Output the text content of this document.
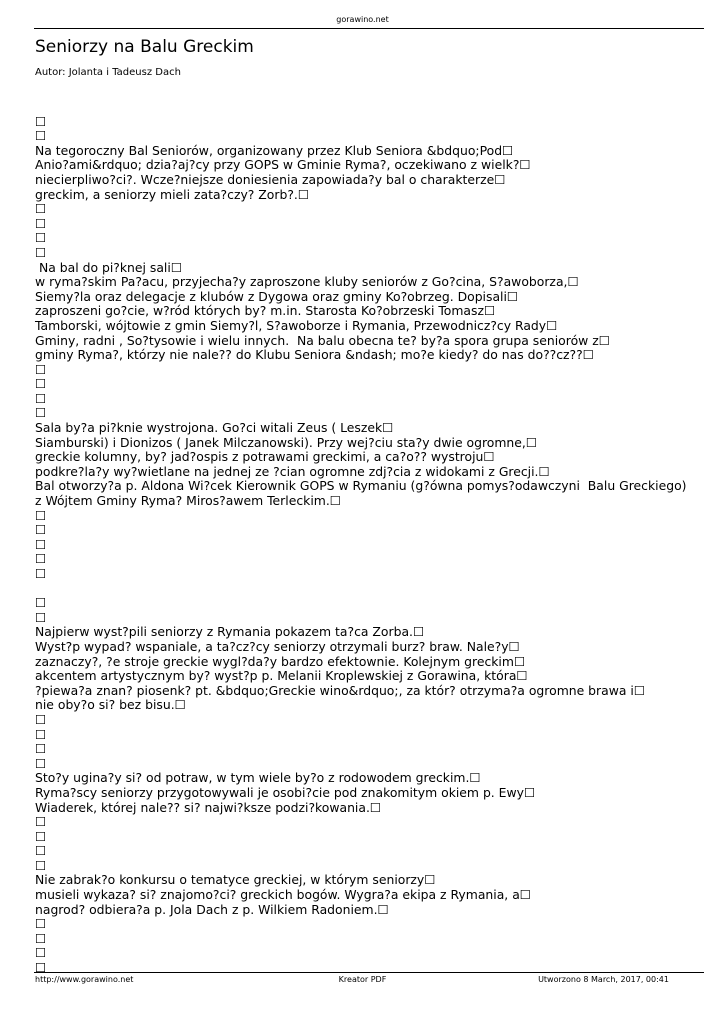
gorawino.net
Seniorzy na Balu Greckim
Autor: Jolanta i Tadeusz Dach
☐
☐
Na tegoroczny Bal Seniorów, organizowany przez Klub Seniora &bdquo;Pod☐
Anio?ami&rdquo; dzia?aj?cy przy GOPS w Gminie Ryma?, oczekiwano z wielk?☐
niecierpliwo?ci?. Wcze?niejsze doniesienia zapowiada?y bal o charakterze☐
greckim, a seniorzy mieli zata?czy? Zorb?.☐
☐
☐
☐
☐
Na bal do pi?knej sali☐
w ryma?skim Pa?acu, przyjecha?y zaproszone kluby seniorów z Go?cina, S?awoborza,☐
Siemy?la oraz delegacje z klubów z Dygowa oraz gminy Ko?obrzeg. Dopisali☐
zaproszeni go?cie, w?ród których by? m.in. Starosta Ko?obrzeski Tomasz☐
Tamborski, wójtowie z gmin Siemy?l, S?awoborze i Rymania, Przewodnicz?cy Rady☐
Gminy, radni , So?tysowie i wielu innych.  Na balu obecna te? by?a spora grupa seniorów z☐
gminy Ryma?, którzy nie nale?? do Klubu Seniora &ndash; mo?e kiedy? do nas do??cz??☐
☐
☐
☐
☐
Sala by?a pi?knie wystrojona. Go?ci witali Zeus ( Leszek☐
Siamburski) i Dionizos ( Janek Milczanowski). Przy wej?ciu sta?y dwie ogromne,☐
greckie kolumny, by? jad?ospis z potrawami greckimi, a ca?o?? wystroju☐
podkre?la?y wy?wietlane na jednej ze ?cian ogromne zdj?cia z widokami z Grecji.☐
Bal otworzy?a p. Aldona Wi?cek Kierownik GOPS w Rymaniu (g?ówna pomys?odawczyni  Balu Greckiego)
z Wójtem Gminy Ryma? Miros?awem Terleckim.☐
☐
☐
☐
☐
☐
☐
☐
Najpierw wyst?pili seniorzy z Rymania pokazem ta?ca Zorba.☐
Wyst?p wypad? wspaniale, a ta?cz?cy seniorzy otrzymali burz? braw. Nale?y☐
zaznaczy?, ?e stroje greckie wygl?da?y bardzo efektownie. Kolejnym greckim☐
akcentem artystycznym by? wyst?p p. Melanii Kroplewskiej z Gorawina, która☐
?piewa?a znan? piosenk? pt. &bdquo;Greckie wino&rdquo;, za któr? otrzyma?a ogromne brawa i☐
nie oby?o si? bez bisu.☐
☐
☐
☐
☐
Sto?y ugina?y si? od potraw, w tym wiele by?o z rodowodem greckim.☐
Ryma?scy seniorzy przygotowywali je osobi?cie pod znakomitym okiem p. Ewy☐
Wiaderek, której nale?? si? najwi?ksze podzi?kowania.☐
☐
☐
☐
☐
Nie zabrak?o konkursu o tematyce greckiej, w którym seniorzy☐
musieli wykaza? si? znajomo?ci? greckich bogów. Wygra?a ekipa z Rymania, a☐
nagrod? odbiera?a p. Jola Dach z p. Wilkiem Radoniem.☐
☐
☐
☐
☐
http://www.gorawino.net	Kreator PDF	Utworzono 8 March, 2017, 00:41
